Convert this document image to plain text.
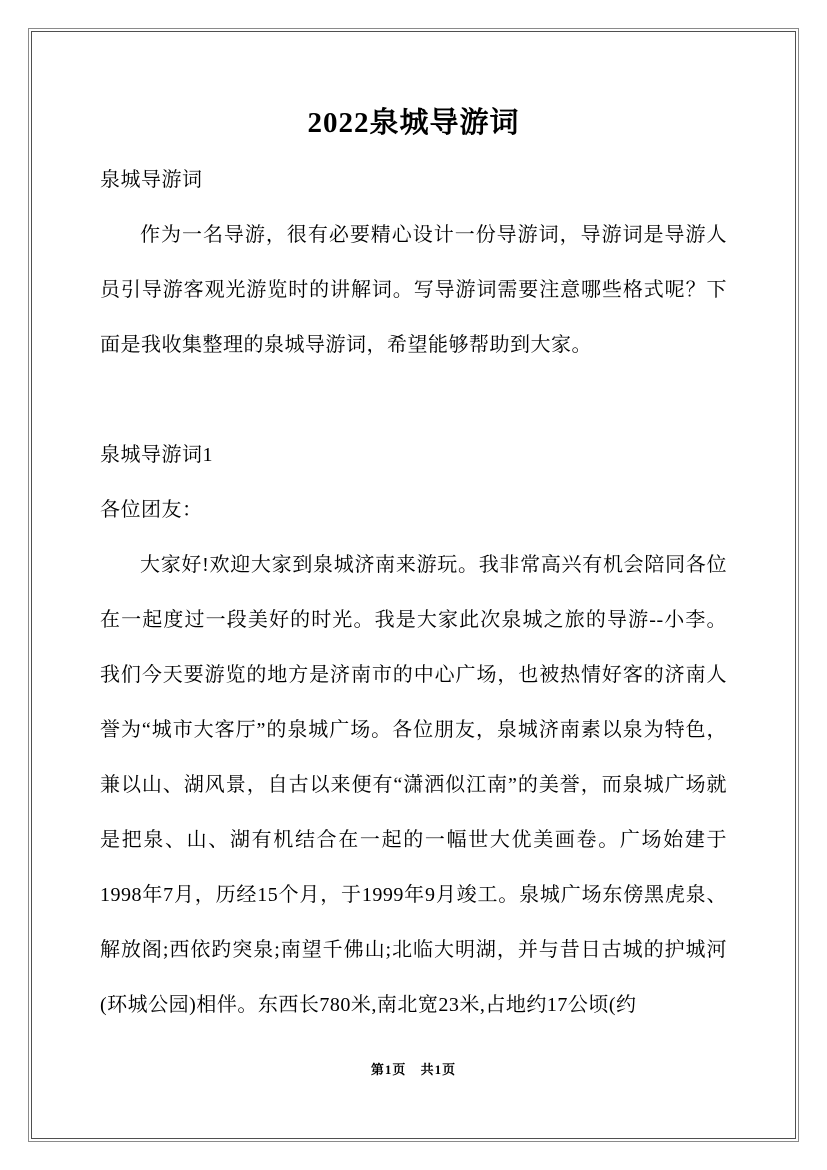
2022泉城导游词

泉城导游词

作为一名导游，很有必要精心设计一份导游词，导游词是导游人员引导游客观光游览时的讲解词。写导游词需要注意哪些格式呢？下面是我收集整理的泉城导游词，希望能够帮助到大家。

泉城导游词1

各位团友：

大家好!欢迎大家到泉城济南来游玩。我非常高兴有机会陪同各位在一起度过一段美好的时光。我是大家此次泉城之旅的导游--小李。我们今天要游览的地方是济南市的中心广场，也被热情好客的济南人誉为“城市大客厅”的泉城广场。各位朋友，泉城济南素以泉为特色，兼以山、湖风景，自古以来便有“潇洒似江南”的美誉，而泉城广场就是把泉、山、湖有机结合在一起的一幅世大优美画卷。广场始建于1998年7月，历经15个月，于1999年9月竣工。泉城广场东傍黑虎泉、解放阁;西依趵突泉;南望千佛山;北临大明湖，并与昔日古城的护城河(环城公园)相伴。东西长780米,南北宽23米,占地约17公顷(约

第1页 共1页
